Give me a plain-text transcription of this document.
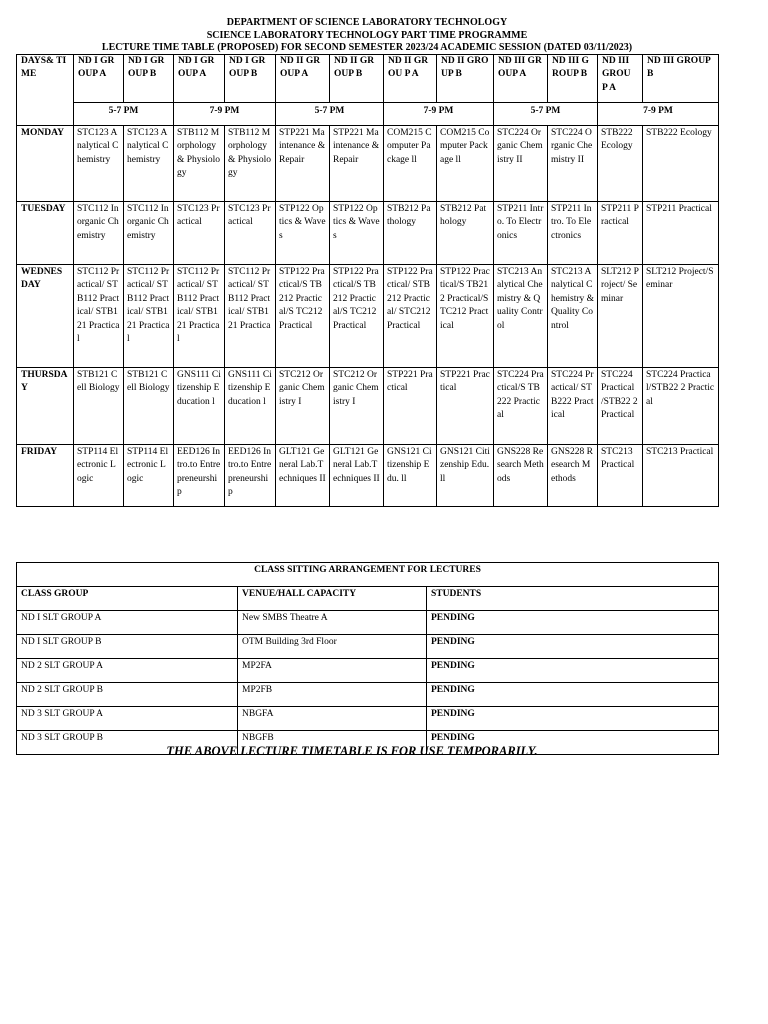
DEPARTMENT OF SCIENCE LABORATORY TECHNOLOGY
SCIENCE LABORATORY TECHNOLOGY PART TIME PROGRAMME
LECTURE TIME TABLE (PROPOSED) FOR SECOND SEMESTER 2023/24 ACADEMIC SESSION (DATED 03/11/2023)
DAYS& TIME	ND I GROUP A	ND I GROUP B	ND I GROUP A	ND I GROUP B	ND II GROUP A	ND II GROUP B	ND II GROU P A	ND II GROUP B	ND III GROUP A	ND III GROUP B	ND III GROU P A	ND III GROUP B
	5-7 PM		7-9 PM		5-7 PM		7-9 PM		5-7 PM		7-9 PM	
MONDAY	STC123 Analytical Chemistry	STC123 Analytical Chemistry	STB112 Morphology & Physiology	STB112 Morphology & Physiology	STP221 Maintenance & Repair	STP221 Maintenance & Repair	COM215 Computer Package ll	COM215 Computer Package ll	STC224 Organic Chemistry II	STC224 Organic Chemistry II	STB222 Ecology	STB222 Ecology
TUESDAY	STC112 Inorganic Chemistry	STC112 Inorganic Chemistry	STC123 Practical	STC123 Practical	STP122 Optics & Waves	STP122 Optics & Waves	STB212 Pathology	STB212 Pathology	STP211 Intro. To Electronics	STP211 Intro. To Electronics	STP211 Practical	STP211 Practical
WEDNESDAY	STC112 Practical/ STB112 Practical/ STB121 Practical	STC112 Practical/ STB112 Practical/ STB121 Practical	STC112 Practical/ STB112 Practical/ STB121 Practical	STC112 Practical/ STB112 Practical/ STB121 Practica	STP122 Practical/S TB212 Practical/S TC212 Practical	STP122 Practical/S TB212 Practical/S TC212 Practical	STP122 Practical/ STB212 Practical/ STC212 Practical	STP122 Practical/S TB212 Practical/S TC212 Practical	STC213 Analytical Chemistry & Quality Control	STC213 Analytical Chemistry & Quality Control	SLT212 Project/ Seminar	SLT212 Project/Seminar
THURSDAY	STB121 Cell Biology	STB121 Cell Biology	GNS111 Citizenship Education l	GNS111 Citizenship Education l	STC212 Organic Chemistry I	STC212 Organic Chemistry I	STP221 Practical	STP221 Practical	STC224 Practical/S TB222 Practical	STC224 Practical/ STB222 Practical	STC224 Practical /STB22 2 Practical	STC224 Practical/STB22 2 Practical
FRIDAY	STP114 Electronic Logic	STP114 Electronic Logic	EED126 Intro.to Entrepreneurship	EED126 Intro.to Entrepreneurship	GLT121 General Lab.Techniques II	GLT121 General Lab.Techniques II	GNS121 Citizenship Edu. ll	GNS121 Citizenship Edu. ll	GNS228 Research Methods	GNS228 Research Methods	STC213 Practical	STC213 Practical
CLASS SITTING ARRANGEMENT FOR LECTURES		
CLASS GROUP	VENUE/HALL CAPACITY	STUDENTS
ND I SLT GROUP A	New SMBS Theatre A	PENDING
ND I SLT GROUP B	OTM Building 3rd Floor	PENDING
ND 2 SLT GROUP A	MP2FA	PENDING
ND 2 SLT GROUP B	MP2FB	PENDING
ND 3 SLT GROUP A	NBGFA	PENDING
ND 3 SLT GROUP B	NBGFB	PENDING
THE ABOVE LECTURE TIMETABLE IS FOR USE TEMPORARILY.
